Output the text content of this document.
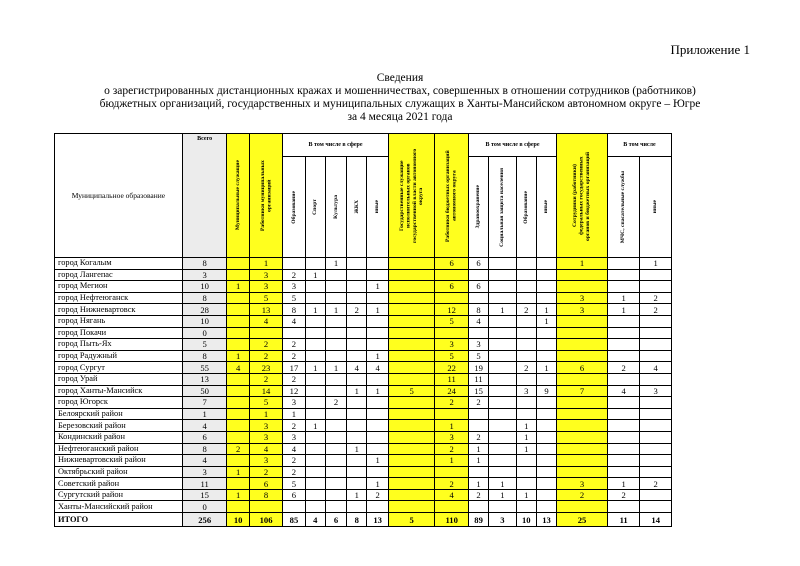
Приложение 1
Сведения
о зарегистрированных дистанционных кражах и мошенничествах, совершенных в отношении сотрудников (работников)
бюджетных организаций, государственных и муниципальных служащих в Ханты-Мансийском автономном округе – Югре
за 4 месяца 2021 года
Муниципальное образование	Всего	Муниципальные служащие	Работники муниципальных организаций	В том числе в сфере					Государственные служащие исполнительных органов государственной власти автономного округа	Работники бюджетных организаций автономного округа	В том числе в сфере				Сотрудники (работники) федеральных государственных органов и бюджетных организаций	В том числе	

				Образование	Спорт	Культура	ЖКХ	иные			Здравоохранение	Социальная защита населения	Образование	иные		МЧС, спасательные службы	иные

город Когалым	8		1			1				6	6				1		1
город Лангепас	3		3	2	1												
город Мегион	10	1	3	3				1		6	6						
город Нефтеюганск	8		5	5											3	1	2
город Нижневартовск	28		13	8	1	1	2	1		12	8	1	2	1	3	1	2
город Нягань	10		4	4						5	4			1			
город Покачи	0																
город Пыть-Ях	5		2	2						3	3						
город Радужный	8	1	2	2				1		5	5						
город Сургут	55	4	23	17	1	1	4	4		22	19		2	1	6	2	4
город Урай	13		2	2						11	11						
город Ханты-Мансийск	50		14	12			1	1	5	24	15		3	9	7	4	3
город Югорск	7		5	3		2				2	2						
Белоярский район	1		1	1													
Березовский район	4		3	2	1					1			1				
Кондинский район	6		3	3						3	2		1				
Нефтеюганский район	8	2	4	4			1			2	1		1				
Нижневартовский район	4		3	2				1		1	1						
Октябрьский район	3	1	2	2													
Советский район	11		6	5				1		2	1	1			3	1	2
Сургутский район	15	1	8	6			1	2		4	2	1	1		2	2	
Ханты-Мансийский район	0																
ИТОГО	256	10	106	85	4	6	8	13	5	110	89	3	10	13	25	11	14
